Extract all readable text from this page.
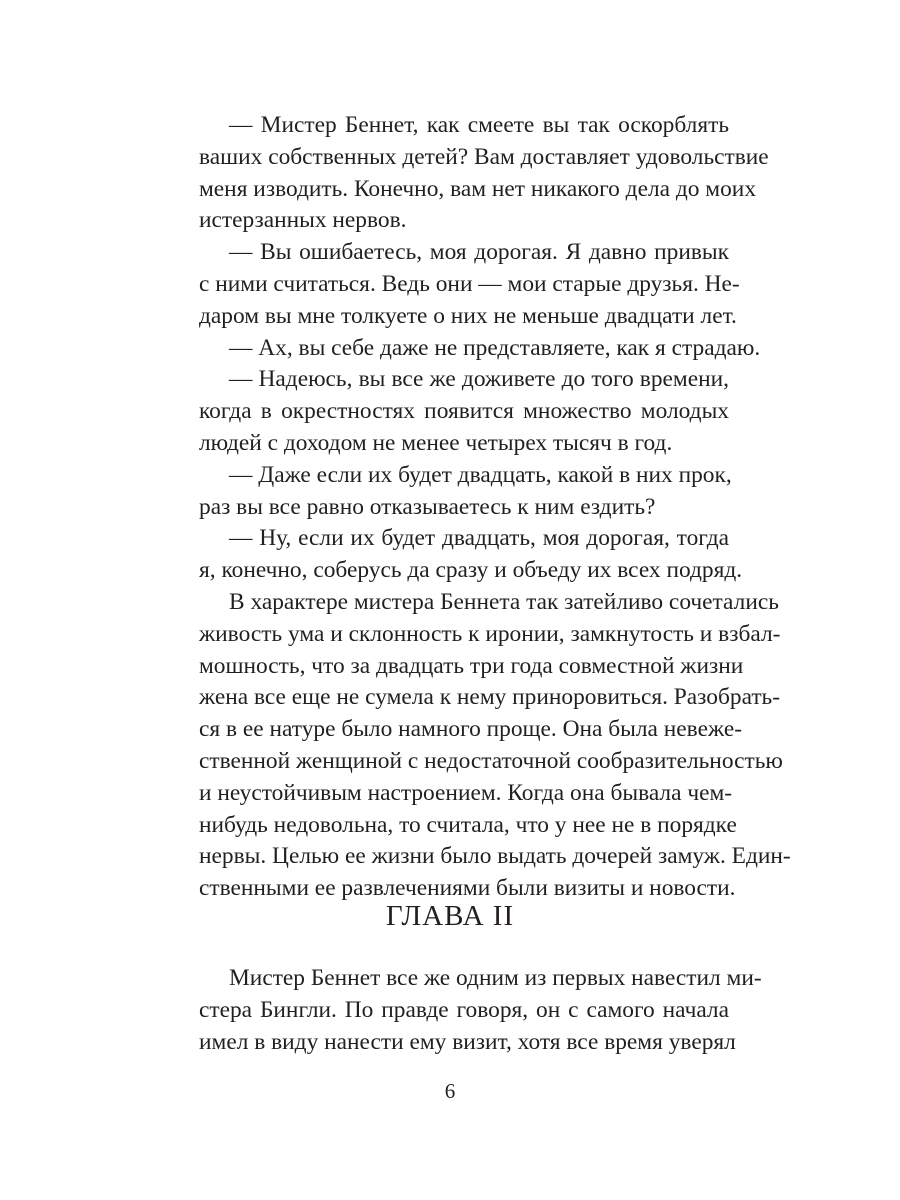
— Мистер Беннет, как смеете вы так оскорблять
ваших собственных детей? Вам доставляет удовольствие
меня изводить. Конечно, вам нет никакого дела до моих
истерзанных нервов.

— Вы ошибаетесь, моя дорогая. Я давно привык
с ними считаться. Ведь они — мои старые друзья. Не-
даром вы мне толкуете о них не меньше двадцати лет.

— Ах, вы себе даже не представляете, как я страдаю.

— Надеюсь, вы все же доживете до того времени,
когда в окрестностях появится множество молодых
людей с доходом не менее четырех тысяч в год.

— Даже если их будет двадцать, какой в них прок,
раз вы все равно отказываетесь к ним ездить?

— Ну, если их будет двадцать, моя дорогая, тогда
я, конечно, соберусь да сразу и объеду их всех подряд.

В характере мистера Беннета так затейливо сочетались
живость ума и склонность к иронии, замкнутость и взбал-
мошность, что за двадцать три года совместной жизни
жена все еще не сумела к нему приноровиться. Разобрать-
ся в ее натуре было намного проще. Она была невеже-
ственной женщиной с недостаточной сообразительностью
и неустойчивым настроением. Когда она бывала чем-
нибудь недовольна, то считала, что у нее не в порядке
нервы. Целью ее жизни было выдать дочерей замуж. Един-
ственными ее развлечениями были визиты и новости.

ГЛАВА II

Мистер Беннет все же одним из первых навестил ми-
стера Бингли. По правде говоря, он с самого начала
имел в виду нанести ему визит, хотя все время уверял

6
